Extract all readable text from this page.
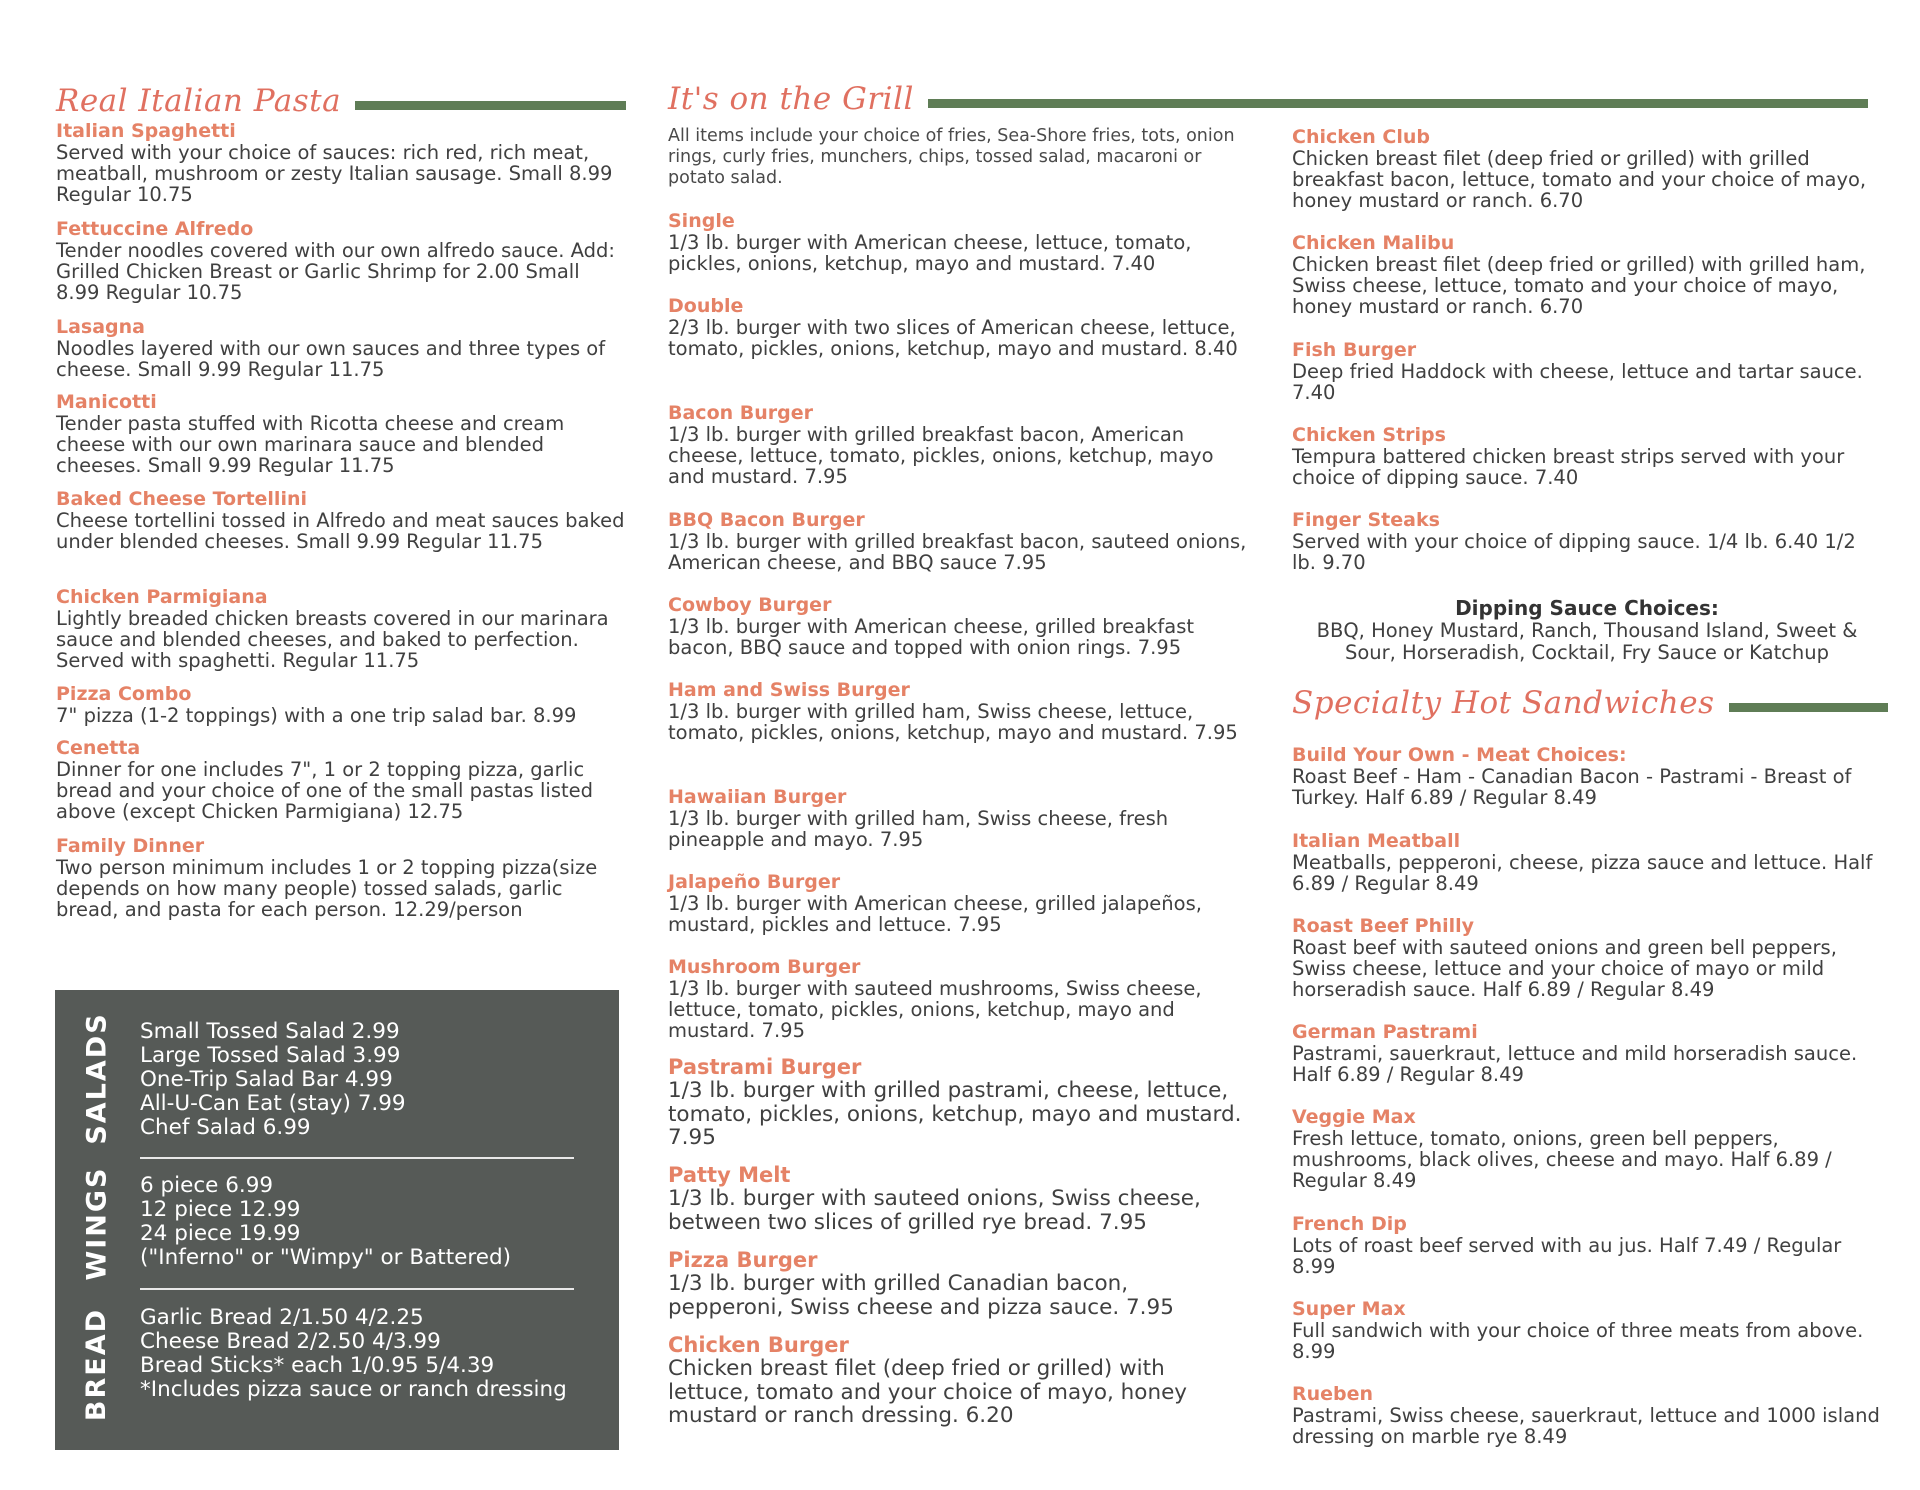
Real Italian Pasta
Italian Spaghetti
Served with your choice of sauces: rich red, rich meat, meatball, mushroom or zesty Italian sausage. Small 8.99 Regular 10.75
Fettuccine Alfredo
Tender noodles covered with our own alfredo sauce. Add: Grilled Chicken Breast or Garlic Shrimp for 2.00 Small 8.99 Regular 10.75
Lasagna
Noodles layered with our own sauces and three types of cheese. Small 9.99 Regular 11.75
Manicotti
Tender pasta stuffed with Ricotta cheese and cream cheese with our own marinara sauce and blended cheeses. Small 9.99 Regular 11.75
Baked Cheese Tortellini
Cheese tortellini tossed in Alfredo and meat sauces baked under blended cheeses. Small 9.99 Regular 11.75
Chicken Parmigiana
Lightly breaded chicken breasts covered in our marinara sauce and blended cheeses, and baked to perfection. Served with spaghetti. Regular 11.75
Pizza Combo
7" pizza (1-2 toppings) with a one trip salad bar. 8.99
Cenetta
Dinner for one includes 7", 1 or 2 topping pizza, garlic bread and your choice of one of the small pastas listed above (except Chicken Parmigiana) 12.75
Family Dinner
Two person minimum includes 1 or 2 topping pizza(size depends on how many people) tossed salads, garlic bread, and pasta for each person. 12.29/person
SALADS Small Tossed Salad 2.99
Large Tossed Salad 3.99
One-Trip Salad Bar 4.99
All-U-Can Eat (stay) 7.99
Chef Salad 6.99
WINGS 6 piece 6.99
12 piece 12.99
24 piece 19.99
("Inferno" or "Wimpy" or Battered)
BREAD Garlic Bread 2/1.50 4/2.25
Cheese Bread 2/2.50 4/3.99
Bread Sticks* each 1/0.95 5/4.39
*Includes pizza sauce or ranch dressing
It's on the Grill
All items include your choice of fries, Sea-Shore fries, tots, onion rings, curly fries, munchers, chips, tossed salad, macaroni or potato salad.
Single
1/3 lb. burger with American cheese, lettuce, tomato, pickles, onions, ketchup, mayo and mustard. 7.40
Double
2/3 lb. burger with two slices of American cheese, lettuce, tomato, pickles, onions, ketchup, mayo and mustard. 8.40
Bacon Burger
1/3 lb. burger with grilled breakfast bacon, American cheese, lettuce, tomato, pickles, onions, ketchup, mayo and mustard. 7.95
BBQ Bacon Burger
1/3 lb. burger with grilled breakfast bacon, sauteed onions, American cheese, and BBQ sauce 7.95
Cowboy Burger
1/3 lb. burger with American cheese, grilled breakfast bacon, BBQ sauce and topped with onion rings. 7.95
Ham and Swiss Burger
1/3 lb. burger with grilled ham, Swiss cheese, lettuce, tomato, pickles, onions, ketchup, mayo and mustard. 7.95
Hawaiian Burger
1/3 lb. burger with grilled ham, Swiss cheese, fresh pineapple and mayo. 7.95
Jalapeño Burger
1/3 lb. burger with American cheese, grilled jalapeños, mustard, pickles and lettuce. 7.95
Mushroom Burger
1/3 lb. burger with sauteed mushrooms, Swiss cheese, lettuce, tomato, pickles, onions, ketchup, mayo and mustard. 7.95
Pastrami Burger
1/3 lb. burger with grilled pastrami, cheese, lettuce, tomato, pickles, onions, ketchup, mayo and mustard. 7.95
Patty Melt
1/3 lb. burger with sauteed onions, Swiss cheese, between two slices of grilled rye bread. 7.95
Pizza Burger
1/3 lb. burger with grilled Canadian bacon, pepperoni, Swiss cheese and pizza sauce. 7.95
Chicken Burger
Chicken breast filet (deep fried or grilled) with lettuce, tomato and your choice of mayo, honey mustard or ranch dressing. 6.20
Chicken Club
Chicken breast filet (deep fried or grilled) with grilled breakfast bacon, lettuce, tomato and your choice of mayo, honey mustard or ranch. 6.70
Chicken Malibu
Chicken breast filet (deep fried or grilled) with grilled ham, Swiss cheese, lettuce, tomato and your choice of mayo, honey mustard or ranch. 6.70
Fish Burger
Deep fried Haddock with cheese, lettuce and tartar sauce. 7.40
Chicken Strips
Tempura battered chicken breast strips served with your choice of dipping sauce. 7.40
Finger Steaks
Served with your choice of dipping sauce. 1/4 lb. 6.40 1/2 lb. 9.70
Dipping Sauce Choices:
BBQ, Honey Mustard, Ranch, Thousand Island, Sweet & Sour, Horseradish, Cocktail, Fry Sauce or Katchup
Specialty Hot Sandwiches
Build Your Own - Meat Choices:
Roast Beef - Ham - Canadian Bacon - Pastrami - Breast of Turkey. Half 6.89 / Regular 8.49
Italian Meatball
Meatballs, pepperoni, cheese, pizza sauce and lettuce. Half 6.89 / Regular 8.49
Roast Beef Philly
Roast beef with sauteed onions and green bell peppers, Swiss cheese, lettuce and your choice of mayo or mild horseradish sauce. Half 6.89 / Regular 8.49
German Pastrami
Pastrami, sauerkraut, lettuce and mild horseradish sauce. Half 6.89 / Regular 8.49
Veggie Max
Fresh lettuce, tomato, onions, green bell peppers, mushrooms, black olives, cheese and mayo. Half 6.89 / Regular 8.49
French Dip
Lots of roast beef served with au jus. Half 7.49 / Regular 8.99
Super Max
Full sandwich with your choice of three meats from above. 8.99
Rueben
Pastrami, Swiss cheese, sauerkraut, lettuce and 1000 island dressing on marble rye 8.49
